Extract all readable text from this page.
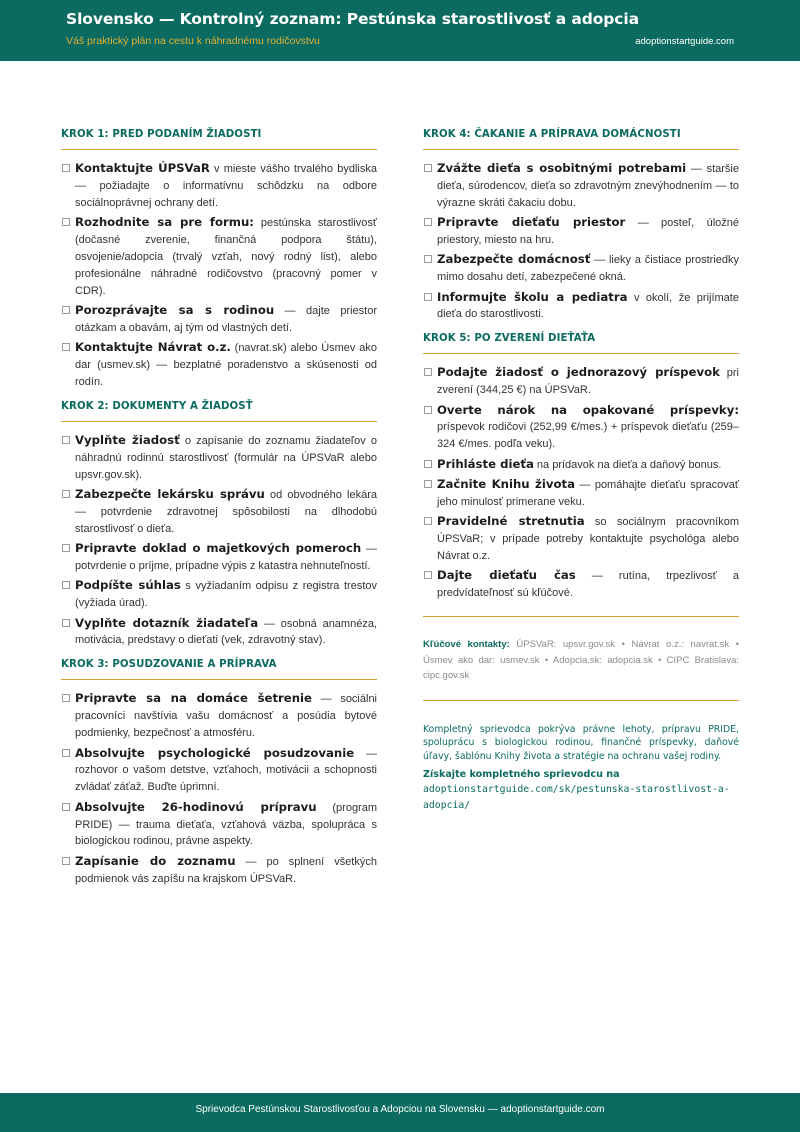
Slovensko — Kontrolný zoznam: Pestúnska starostlivosť a adopcia
Váš praktický plán na cestu k náhradnému rodičovstvu	adoptionstartguide.com
KROK 1: PRED PODANÍM ŽIADOSTI
Kontaktujte ÚPSVaR v mieste vášho trvalého bydliska — požiadajte o informatívnu schôdzku na odbore sociálnoprávnej ochrany detí.
Rozhodnite sa pre formu: pestúnska starostlivosť (dočasné zverenie, finančná podpora štátu), osvojenie/adopcia (trvalý vzťah, nový rodný list), alebo profesionálne náhradné rodičovstvo (pracovný pomer v CDR).
Porozprávajte sa s rodinou — dajte priestor otázkam a obavám, aj tým od vlastných detí.
Kontaktujte Návrat o.z. (navrat.sk) alebo Úsmev ako dar (usmev.sk) — bezplatné poradenstvo a skúsenosti od rodín.
KROK 2: DOKUMENTY A ŽIADOSŤ
Vyplňte žiadosť o zapísanie do zoznamu žiadateľov o náhradnú rodinnú starostlivosť (formulár na ÚPSVaR alebo upsvr.gov.sk).
Zabezpečte lekársku správu od obvodného lekára — potvrdenie zdravotnej spôsobilosti na dlhodobú starostlivosť o dieťa.
Pripravte doklad o majetkových pomeroch — potvrdenie o príjme, prípadne výpis z katastra nehnuteľností.
Podpíšte súhlas s vyžiadaním odpisu z registra trestov (vyžiada úrad).
Vyplňte dotazník žiadateľa — osobná anamnéza, motivácia, predstavy o dieťati (vek, zdravotný stav).
KROK 3: POSUDZOVANIE A PRÍPRAVA
Pripravte sa na domáce šetrenie — sociálni pracovníci navštívia vašu domácnosť a posúdia bytové podmienky, bezpečnosť a atmosféru.
Absolvujte psychologické posudzovanie — rozhovor o vašom detstve, vzťahoch, motivácii a schopnosti zvládať záťaž. Buďte úprimní.
Absolvujte 26-hodinovú prípravu (program PRIDE) — trauma dieťaťa, vzťahová väzba, spolupráca s biologickou rodinou, právne aspekty.
Zapísanie do zoznamu — po splnení všetkých podmienok vás zapíšu na krajskom ÚPSVaR.
KROK 4: ČAKANIE A PRÍPRAVA DOMÁCNOSTI
Zvážte dieťa s osobitnými potrebami — staršie dieťa, súrodencov, dieťa so zdravotným znevýhodnením — to výrazne skráti čakaciu dobu.
Pripravte dieťaťu priestor — posteľ, úložné priestory, miesto na hru.
Zabezpečte domácnosť — lieky a čistiace prostriedky mimo dosahu detí, zabezpečené okná.
Informujte školu a pediatra v okolí, že prijímate dieťa do starostlivosti.
KROK 5: PO ZVERENÍ DIEŤAŤA
Podajte žiadosť o jednorazový príspevok pri zverení (344,25 €) na ÚPSVaR.
Overte nárok na opakované príspevky: príspevok rodičovi (252,99 €/mes.) + príspevok dieťaťu (259–324 €/mes. podľa veku).
Prihláste dieťa na prídavok na dieťa a daňový bonus.
Začnite Knihu života — pomáhajte dieťaťu spracovať jeho minulosť primerane veku.
Pravidelné stretnutia so sociálnym pracovníkom ÚPSVaR; v prípade potreby kontaktujte psychológa alebo Návrat o.z.
Dajte dieťaťu čas — rutína, trpezlivosť a predvídateľnosť sú kľúčové.
Kľúčové kontakty: ÚPSVaR: upsvr.gov.sk • Návrat o.z.: navrat.sk • Úsmev ako dar: usmev.sk • Adopcia.sk: adopcia.sk • CIPC Bratislava: cipc.gov.sk
Kompletný sprievodca pokrýva právne lehoty, prípravu PRIDE, spoluprácu s biologickou rodinou, finančné príspevky, daňové úľavy, šablónu Knihy života a stratégie na ochranu vašej rodiny.
Získajte kompletného sprievodcu na
adoptionstartguide.com/sk/pestunska-starostlivost-a-adopcia/
Sprievodca Pestúnskou Starostlivosťou a Adopciou na Slovensku — adoptionstartguide.com
